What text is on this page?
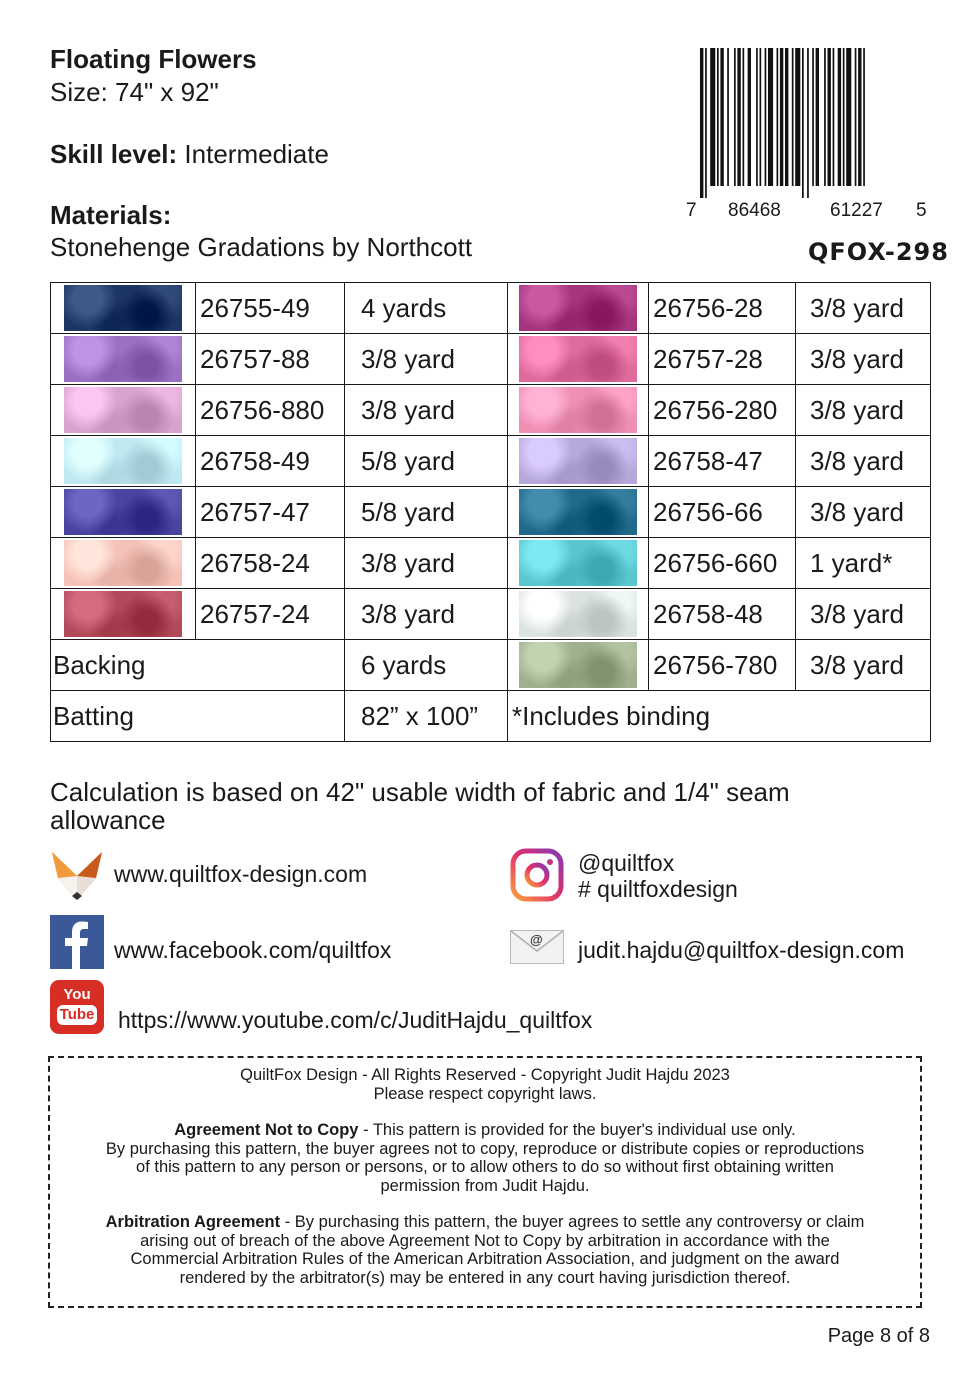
Floating Flowers
Size: 74" x 92"
Skill level: Intermediate
Materials:
Stonehenge Gradations by Northcott
7 86468	61227 5
QFOX-298
	26755-49	4 yards		26756-28	3/8 yard
	26757-88	3/8 yard		26757-28	3/8 yard
	26756-880	3/8 yard		26756-280	3/8 yard
	26758-49	5/8 yard		26758-47	3/8 yard
	26757-47	5/8 yard		26756-66	3/8 yard
	26758-24	3/8 yard		26756-660	1 yard*
	26757-24	3/8 yard		26758-48	3/8 yard
Backing		6 yards		26756-780	3/8 yard
Batting		82” x 100”	*Includes binding		
Calculation is based on 42" usable width of fabric and 1/4" seam allowance
www.quiltfox-design.com	@quiltfox
# quiltfoxdesign
www.facebook.com/quiltfox	@ judit.hajdu@quiltfox-design.com
You
Tube https://www.youtube.com/c/JuditHajdu_quiltfox

QuiltFox Design - All Rights Reserved - Copyright Judit Hajdu 2023

Please respect copyright laws.

Agreement Not to Copy - This pattern is provided for the buyer's individual use only.

By purchasing this pattern, the buyer agrees not to copy, reproduce or distribute copies or reproductions

of this pattern to any person or persons, or to allow others to do so without first obtaining written

permission from Judit Hajdu.

Arbitration Agreement - By purchasing this pattern, the buyer agrees to settle any controversy or claim

arising out of breach of the above Agreement Not to Copy by arbitration in accordance with the

Commercial Arbitration Rules of the American Arbitration Association, and judgment on the award

rendered by the arbitrator(s) may be entered in any court having jurisdiction thereof.

Page 8 of 8
